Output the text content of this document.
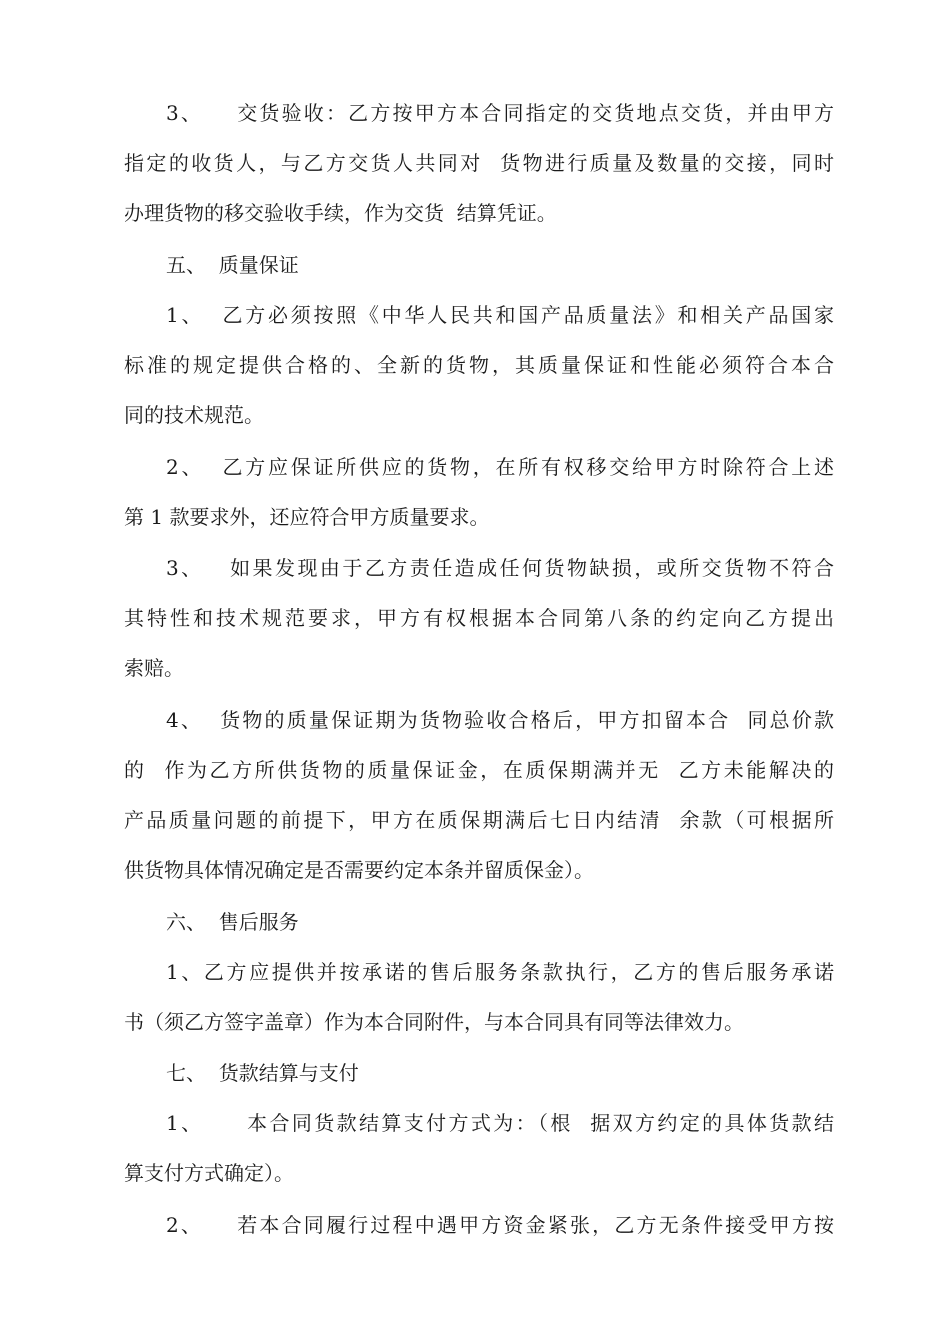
3、    交货验收：乙方按甲方本合同指定的交货地点交货，并由甲方
指定的收货人，与乙方交货人共同对  货物进行质量及数量的交接，同时
办理货物的移交验收手续，作为交货  结算凭证。
五、  质量保证
1、  乙方必须按照《中华人民共和国产品质量法》和相关产品国家
标准的规定提供合格的、全新的货物，其质量保证和性能必须符合本合
同的技术规范。
2、  乙方应保证所供应的货物，在所有权移交给甲方时除符合上述
第 1 款要求外，还应符合甲方质量要求。
3、   如果发现由于乙方责任造成任何货物缺损，或所交货物不符合
其特性和技术规范要求，甲方有权根据本合同第八条的约定向乙方提出
索赔。
4、  货物的质量保证期为货物验收合格后，甲方扣留本合  同总价款
的  作为乙方所供货物的质量保证金，在质保期满并无  乙方未能解决的
产品质量问题的前提下，甲方在质保期满后七日内结清  余款（可根据所
供货物具体情况确定是否需要约定本条并留质保金）。
六、  售后服务
1、乙方应提供并按承诺的售后服务条款执行，乙方的售后服务承诺
书（须乙方签字盖章）作为本合同附件，与本合同具有同等法律效力。
七、  货款结算与支付
1、     本合同货款结算支付方式为：（根  据双方约定的具体货款结
算支付方式确定）。
2、    若本合同履行过程中遇甲方资金紧张，乙方无条件接受甲方按
